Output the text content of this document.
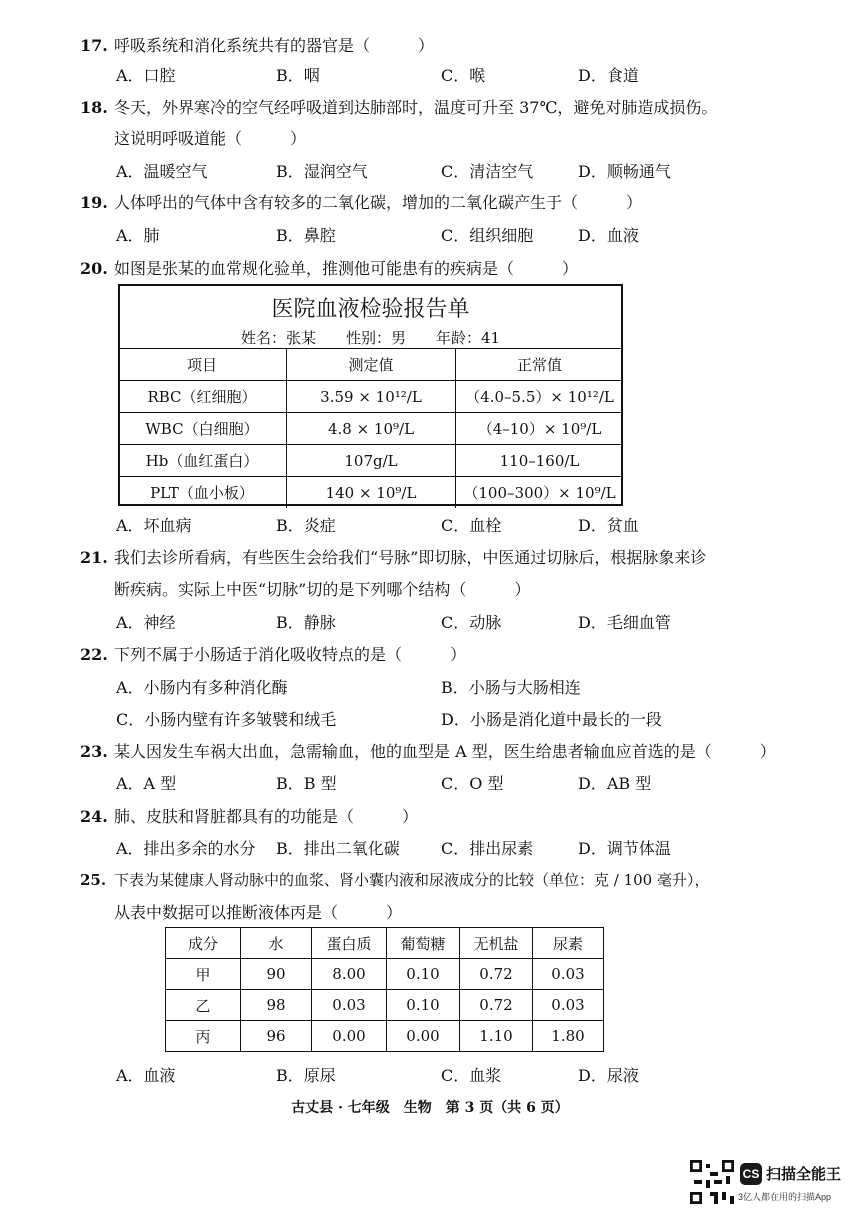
17. 呼吸系统和消化系统共有的器官是（　　　）
A．口腔	B．咽	C．喉	D．食道
18. 冬天，外界寒冷的空气经呼吸道到达肺部时，温度可升至 37℃，避免对肺造成损伤。
这说明呼吸道能（　　　）
A．温暖空气	B．湿润空气	C．清洁空气	D．顺畅通气
19. 人体呼出的气体中含有较多的二氧化碳，增加的二氧化碳产生于（　　　）
A．肺	B．鼻腔	C．组织细胞	D．血液
20. 如图是张某的血常规化验单，推测他可能患有的疾病是（　　　）
医院血液检验报告单
姓名：张某　　性别：男　　年龄：41
项目	测定值	正常值
RBC（红细胞）	3.59 × 10¹²/L	（4.0–5.5）× 10¹²/L
WBC（白细胞）	4.8 × 10⁹/L	（4–10）× 10⁹/L
Hb（血红蛋白）	107g/L	110–160/L
PLT（血小板）	140 × 10⁹/L	（100–300）× 10⁹/L
A．坏血病	B．炎症	C．血栓	D．贫血
21. 我们去诊所看病，有些医生会给我们“号脉”即切脉，中医通过切脉后，根据脉象来诊
断疾病。实际上中医“切脉”切的是下列哪个结构（　　　）
A．神经	B．静脉	C．动脉	D．毛细血管
22. 下列不属于小肠适于消化吸收特点的是（　　　）
A．小肠内有多种消化酶	B．小肠与大肠相连
C．小肠内壁有许多皱襞和绒毛	D．小肠是消化道中最长的一段
23. 某人因发生车祸大出血，急需输血，他的血型是 A 型，医生给患者输血应首选的是（　　　）
A．A 型	B．B 型	C．O 型	D．AB 型
24. 肺、皮肤和肾脏都具有的功能是（　　　）
A．排出多余的水分 B．排出二氧化碳	C．排出尿素	D．调节体温
25. 下表为某健康人肾动脉中的血浆、肾小囊内液和尿液成分的比较（单位：克 / 100 毫升），
从表中数据可以推断液体丙是（　　　）
成分	水	蛋白质	葡萄糖	无机盐	尿素
甲	90	8.00	0.10	0.72	0.03
乙	98	0.03	0.10	0.72	0.03
丙	96	0.00	0.00	1.10	1.80
A．血液	B．原尿	C．血浆	D．尿液
古丈县 · 七年级　生物　第 3 页（共 6 页）
CS 扫描全能王
3亿人都在用的扫描App
